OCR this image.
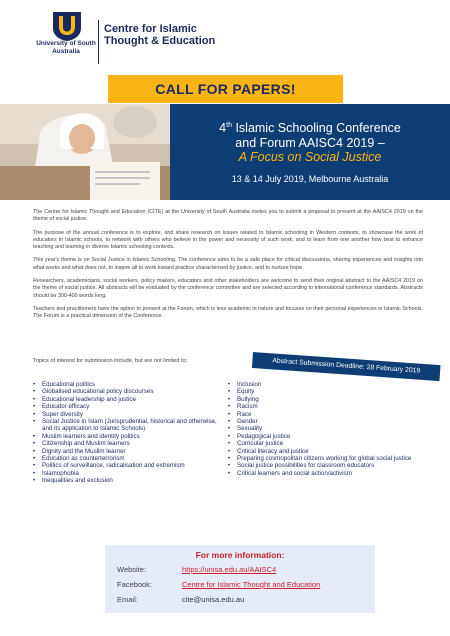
University of South Australia
Centre for Islamic
Thought & Education
CALL FOR PAPERS!
4th Islamic Schooling Conference
and Forum AAISC4 2019 –
A Focus on Social Justice
13 & 14 July 2019, Melbourne Australia

The Centre for Islamic Thought and Education (CITE) at the University of South Australia invites you to submit a proposal to present at the AAISC4 2019 on the theme of social justice.

The purpose of the annual conference is to explore, and share research on issues related to Islamic schooling in Western contexts, to showcase the work of educators in Islamic schools, to network with others who believe in the power and necessity of such work, and to learn from one another how best to enhance teaching and learning in diverse Islamic schooling contexts.

This year's theme is on Social Justice in Islamic Schooling. The conference aims to be a safe place for critical discussions, sharing experiences and insights into what works and what does not, to inspire all to work toward practice characterised by justice, and to nurture hope.

Researchers, academicians, social workers, policy makers, educators and other stakeholders are welcome to send their original abstract to the AAISC4 2019 on the theme of social justice. All abstracts will be evaluated by the conference committee and are selected according to international conference standards. Abstracts should be 300-400 words long.

Teachers and practitioners have the option to present at the Forum, which is less academic in nature and focuses on their personal experiences in Islamic Schools. The Forum is a practical dimension of the Conference.

Topics of interest for submission include, but are not limited to;	Abstract Submission Deadline: 28 February 2019
• Educational politics
• Globalised educational policy discourses
• Educational leadership and justice
• Educator efficacy
• Super diversity
• Social Justice in Islam (Jurisprudential, historical and otherwise, and its application to Islamic Schools)
• Muslim learners and identity politics
• Citizenship and Muslim learners
• Dignity and the Muslim learner
• Education as counterterrorism
• Politics of surveillance, radicalisation and extremism
• Islamophobia
• Inequalities and exclusion
• Inclusion
• Equity
• Bullying
• Racism
• Race
• Gender
• Sexuality
• Pedagogical justice
• Curricular justice
• Critical literacy and justice
• Preparing cosmopolitan citizens working for global social justice
• Social justice possibilities for classroom educators
• Critical learners and social action/activism
For more information:
Website:	https://unisa.edu.au/AAISC4
Facebook:	Centre for Islamic Thought and Education
Email:	cite@unisa.edu.au
